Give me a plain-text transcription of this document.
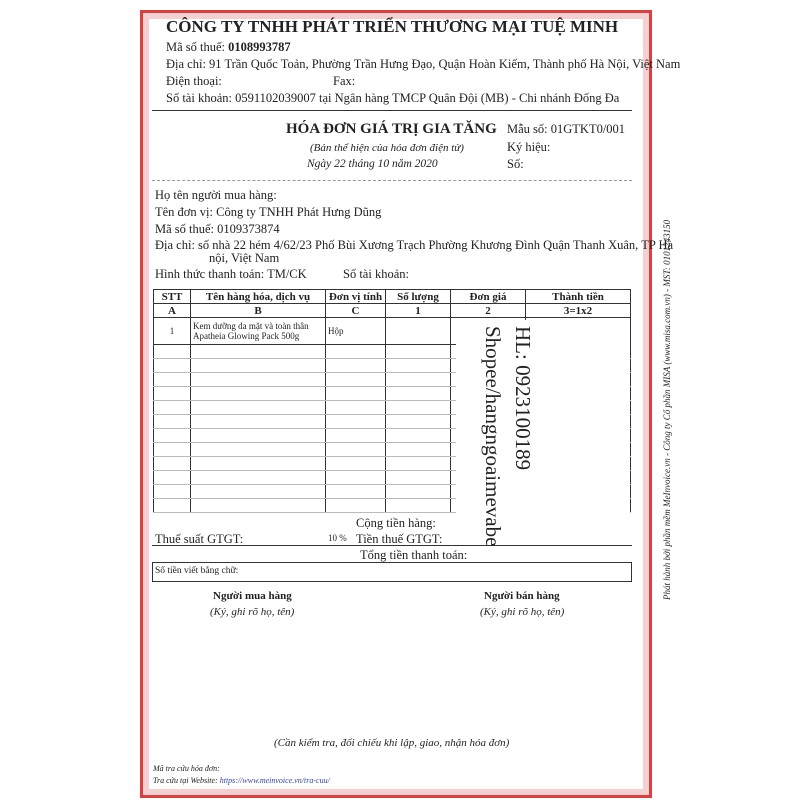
CÔNG TY TNHH PHÁT TRIỂN THƯƠNG MẠI TUỆ MINH
Mã số thuế: 0108993787
Địa chỉ: 91 Trần Quốc Toản, Phường Trần Hưng Đạo, Quận Hoàn Kiếm, Thành phố Hà Nội, Việt Nam
Điện thoại:	Fax:
Số tài khoản: 0591102039007 tại Ngân hàng TMCP Quân Đội (MB) - Chi nhánh Đống Đa
HÓA ĐƠN GIÁ TRỊ GIA TĂNG
(Bản thể hiện của hóa đơn điện tử)
Ngày 22 tháng 10 năm 2020
Mẫu số: 01GTKT0/001
Ký hiệu:
Số:
Họ tên người mua hàng:
Tên đơn vị: Công ty TNHH Phát Hưng Dũng
Mã số thuế: 0109373874
Địa chỉ: số nhà 22 hém 4/62/23 Phố Bùi Xương Trạch Phường Khương Đình Quận Thanh Xuân, TP Hà
nội, Việt Nam
Hình thức thanh toán: TM/CK	Số tài khoản:
STT	Tên hàng hóa, dịch vụ	Đơn vị tính	Số lượng	Đơn giá	Thành tiền
A	B	C	1	2	3=1x2
1	Kem dưỡng da mặt và toàn thân Apatheia Glowing Pack 500g	Hộp			

Cộng tiền hàng:
Thuế suất GTGT:	10 % Tiền thuế GTGT:
Tổng tiền thanh toán:
Số tiền viết bằng chữ:
Người mua hàng
(Ký, ghi rõ họ, tên)
Người bán hàng
(Ký, ghi rõ họ, tên)
(Cần kiểm tra, đối chiếu khi lập, giao, nhận hóa đơn)
Mã tra cứu hóa đơn:
Tra cứu tại Website: https://www.meinvoice.vn/tra-cuu/
Phát hành bởi phần mềm MeInvoice.vn - Công ty Cổ phần MISA (www.misa.com.vn) - MST: 0101243150
HL: 0923100189
Shopee/hangngoaimevabe
